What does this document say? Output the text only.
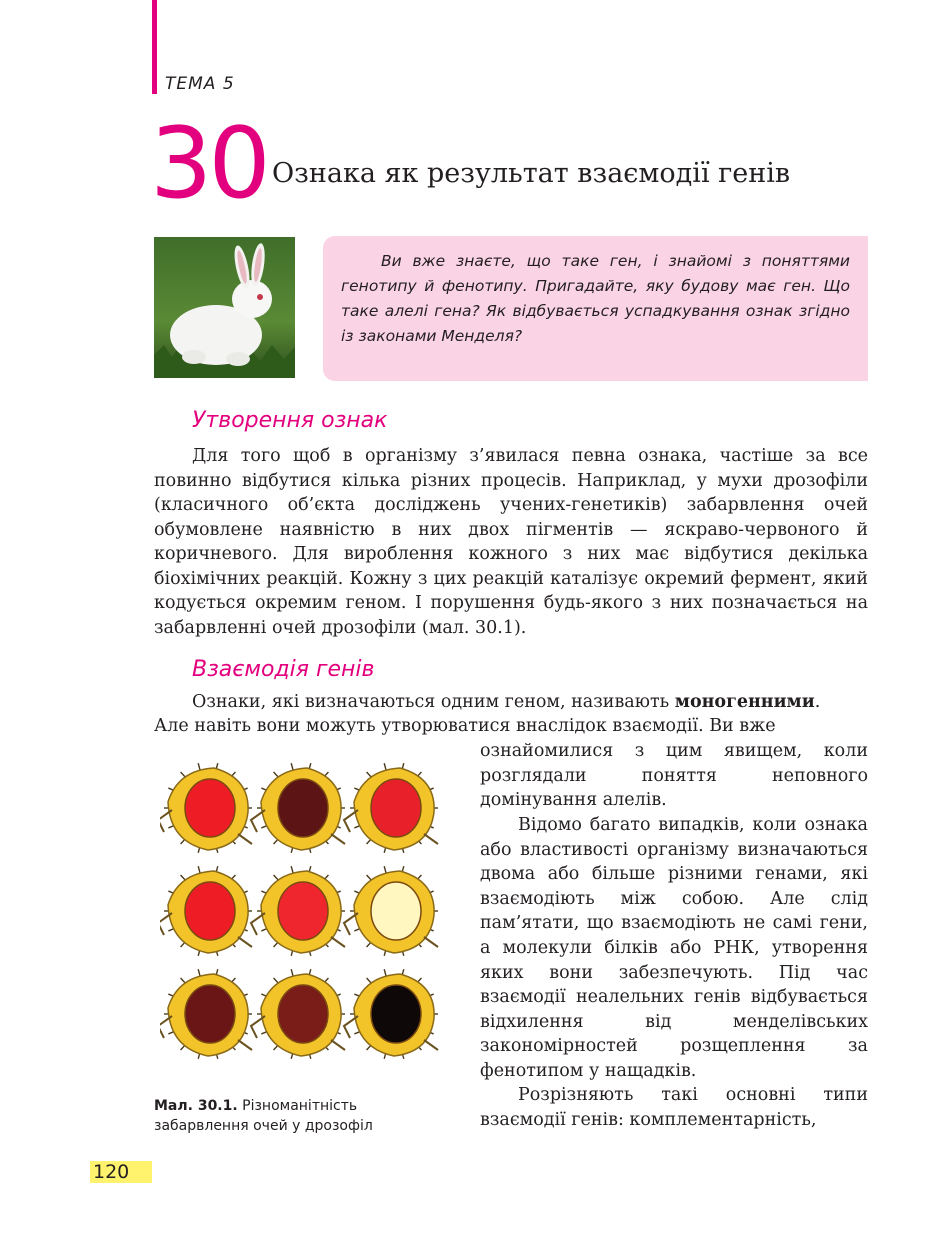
ТЕМА 5
30 Ознака як результат взаємодії генів
Ви вже знаєте, що таке ген, і знайомі з поняттями генотипу й фенотипу. Пригадайте, яку будову має ген. Що таке алелі гена? Як відбувається успадкування ознак згідно із законами Менделя?
Утворення ознак

Для того щоб в організму з’явилася певна ознака, частіше за все повинно відбутися кілька різних процесів. Наприклад, у мухи дрозофіли (класичного об’єкта досліджень учених-генетиків) забарвлення очей обумовлене наявністю в них двох пігментів — яскраво-червоного й коричневого. Для вироблення кожного з них має відбутися декілька біохімічних реакцій. Кожну з цих реакцій каталізує окремий фермент, який кодується окремим геном. І порушення будь-якого з них позначається на забарвленні очей дрозофіли (мал. 30.1).

Взаємодія генів
Ознаки, які визначаються одним геном, називають моногенними.
Але навіть вони можуть утворюватися внаслідок взаємодії. Ви вже

ознайомилися з цим явищем, коли розглядали поняття неповного домінування алелів.

Відомо багато випадків, коли ознака або властивості організму визначаються двома або більше різними генами, які взаємодіють між собою. Але слід пам’ятати, що взаємодіють не самі гени, а молекули білків або РНК, утворення яких вони забезпечують. Під час взаємодії неалельних генів відбувається відхилення від менделівських закономірностей розщеплення за фенотипом у нащадків.

Розрізняють такі основні типи взаємодії генів: комплементарність,

Мал. 30.1. Різноманітність забарвлення очей у дрозофіл
120
